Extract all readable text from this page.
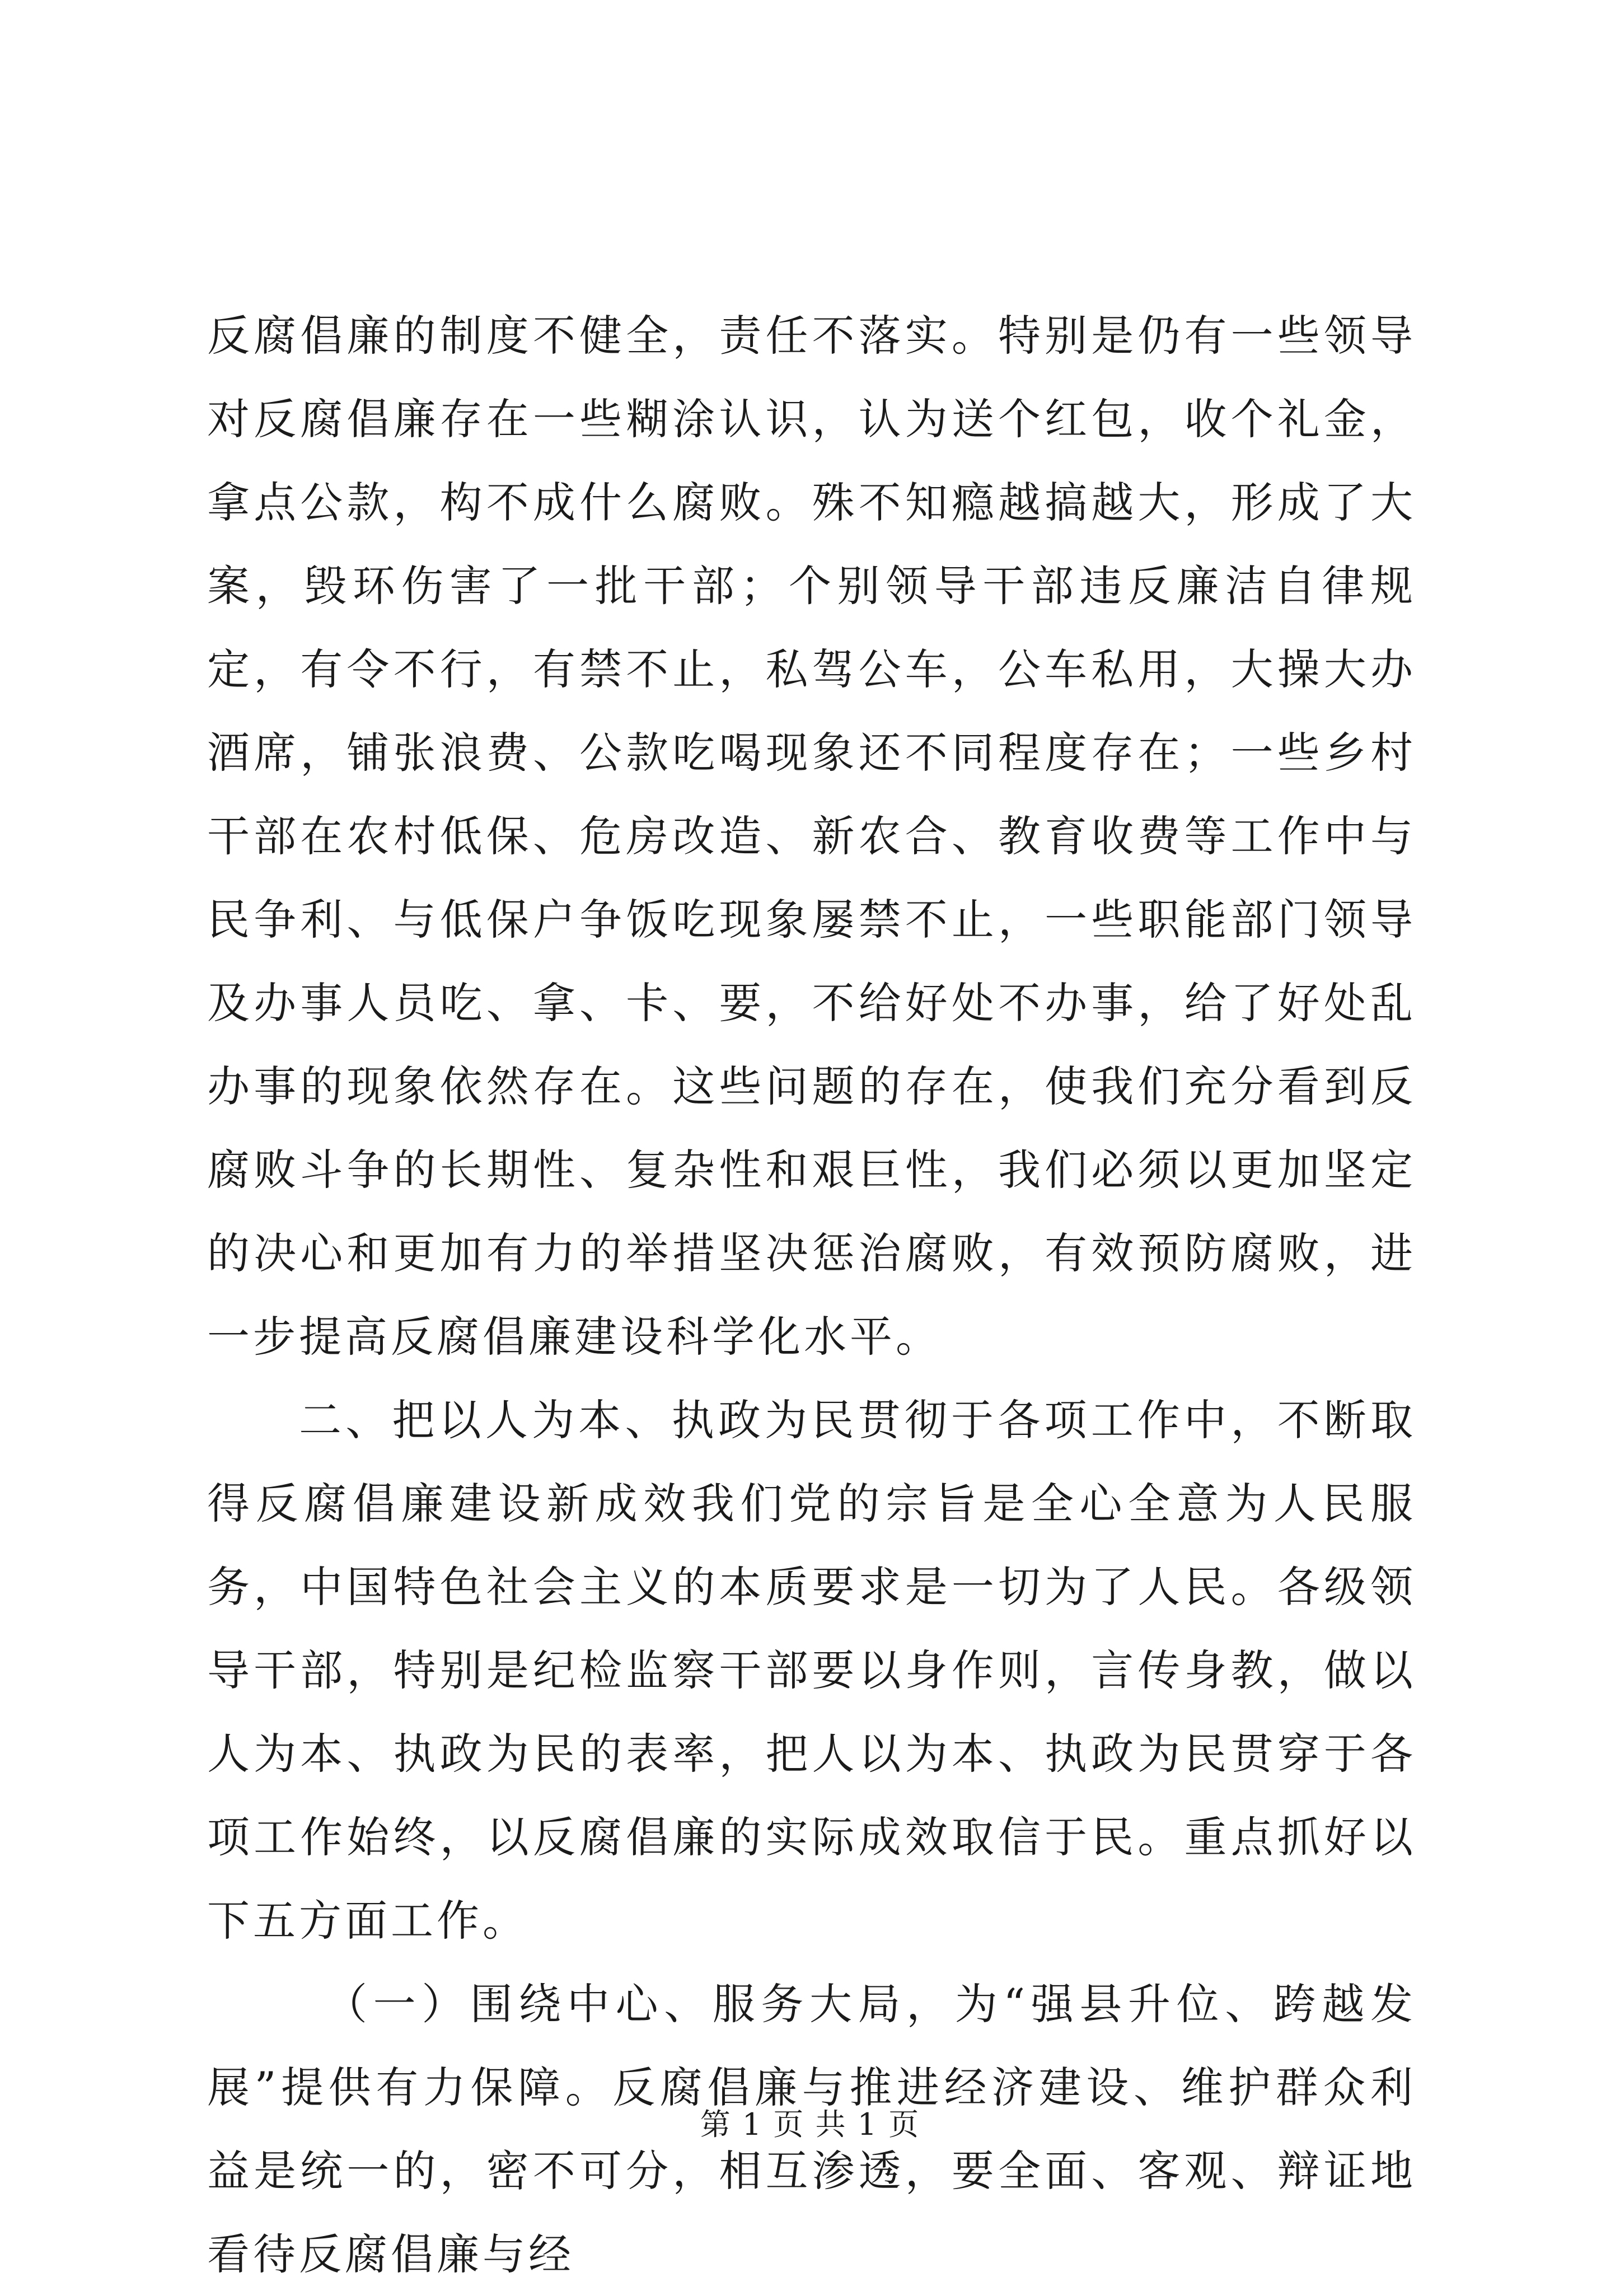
反腐倡廉的制度不健全，责任不落实。特别是仍有一些领导对反腐倡廉存在一些糊涂认识，认为送个红包，收个礼金，拿点公款，构不成什么腐败。殊不知瘾越搞越大，形成了大案，毁环伤害了一批干部；个别领导干部违反廉洁自律规定，有令不行，有禁不止，私驾公车，公车私用，大操大办酒席，铺张浪费、公款吃喝现象还不同程度存在；一些乡村干部在农村低保、危房改造、新农合、教育收费等工作中与民争利、与低保户争饭吃现象屡禁不止，一些职能部门领导及办事人员吃、拿、卡、要，不给好处不办事，给了好处乱办事的现象依然存在。这些问题的存在，使我们充分看到反腐败斗争的长期性、复杂性和艰巨性，我们必须以更加坚定的决心和更加有力的举措坚决惩治腐败，有效预防腐败，进一步提高反腐倡廉建设科学化水平。

二、把以人为本、执政为民贯彻于各项工作中，不断取得反腐倡廉建设新成效我们党的宗旨是全心全意为人民服务，中国特色社会主义的本质要求是一切为了人民。各级领导干部，特别是纪检监察干部要以身作则，言传身教，做以人为本、执政为民的表率，把人以为本、执政为民贯穿于各项工作始终，以反腐倡廉的实际成效取信于民。重点抓好以下五方面工作。

（一）围绕中心、服务大局，为“强县升位、跨越发展”提供有力保障。反腐倡廉与推进经济建设、维护群众利益是统一的，密不可分，相互渗透，要全面、客观、辩证地看待反腐倡廉与经

第 1 页 共 1 页
